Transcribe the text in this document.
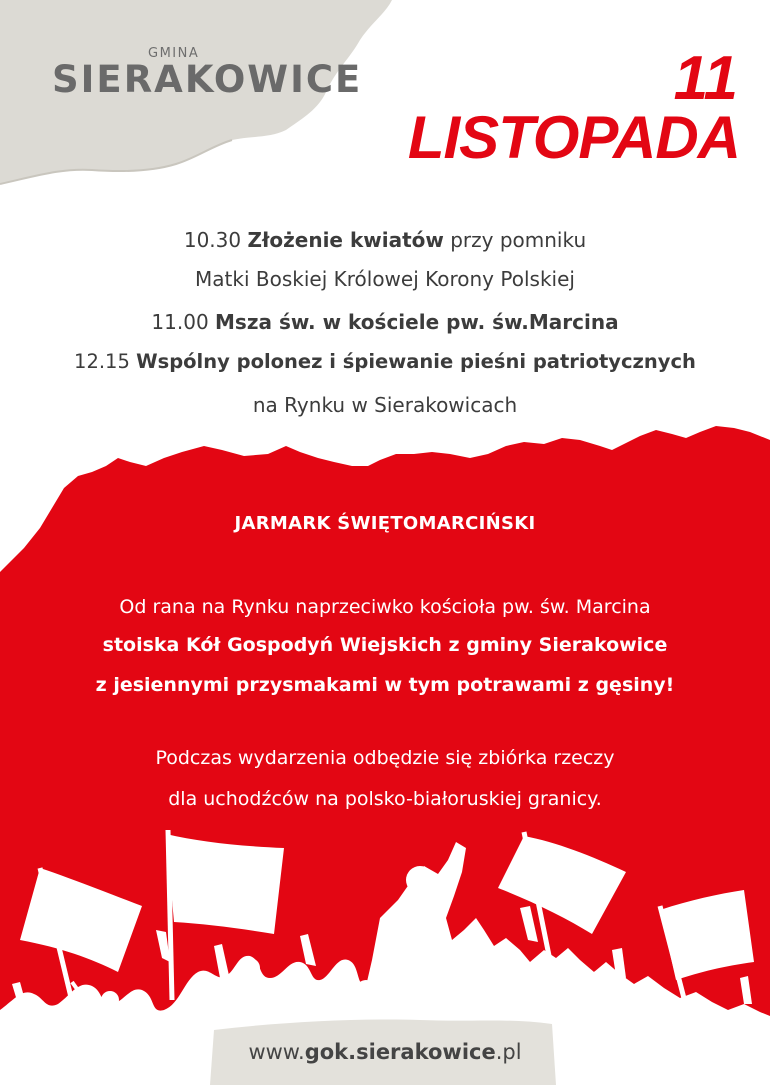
GMINA
SIERAKOWICE	11
LISTOPADA
10.30 Złożenie kwiatów przy pomniku
Matki Boskiej Królowej Korony Polskiej
11.00 Msza św. w kościele pw. św.Marcina
12.15 Wspólny polonez i śpiewanie pieśni patriotycznych
na Rynku w Sierakowicach
JARMARK ŚWIĘTOMARCIŃSKI
Od rana na Rynku naprzeciwko kościoła pw. św. Marcina
stoiska Kół Gospodyń Wiejskich z gminy Sierakowice
z jesiennymi przysmakami w tym potrawami z gęsiny!
Podczas wydarzenia odbędzie się zbiórka rzeczy
dla uchodźców na polsko-białoruskiej granicy.
www.gok.sierakowice.pl
